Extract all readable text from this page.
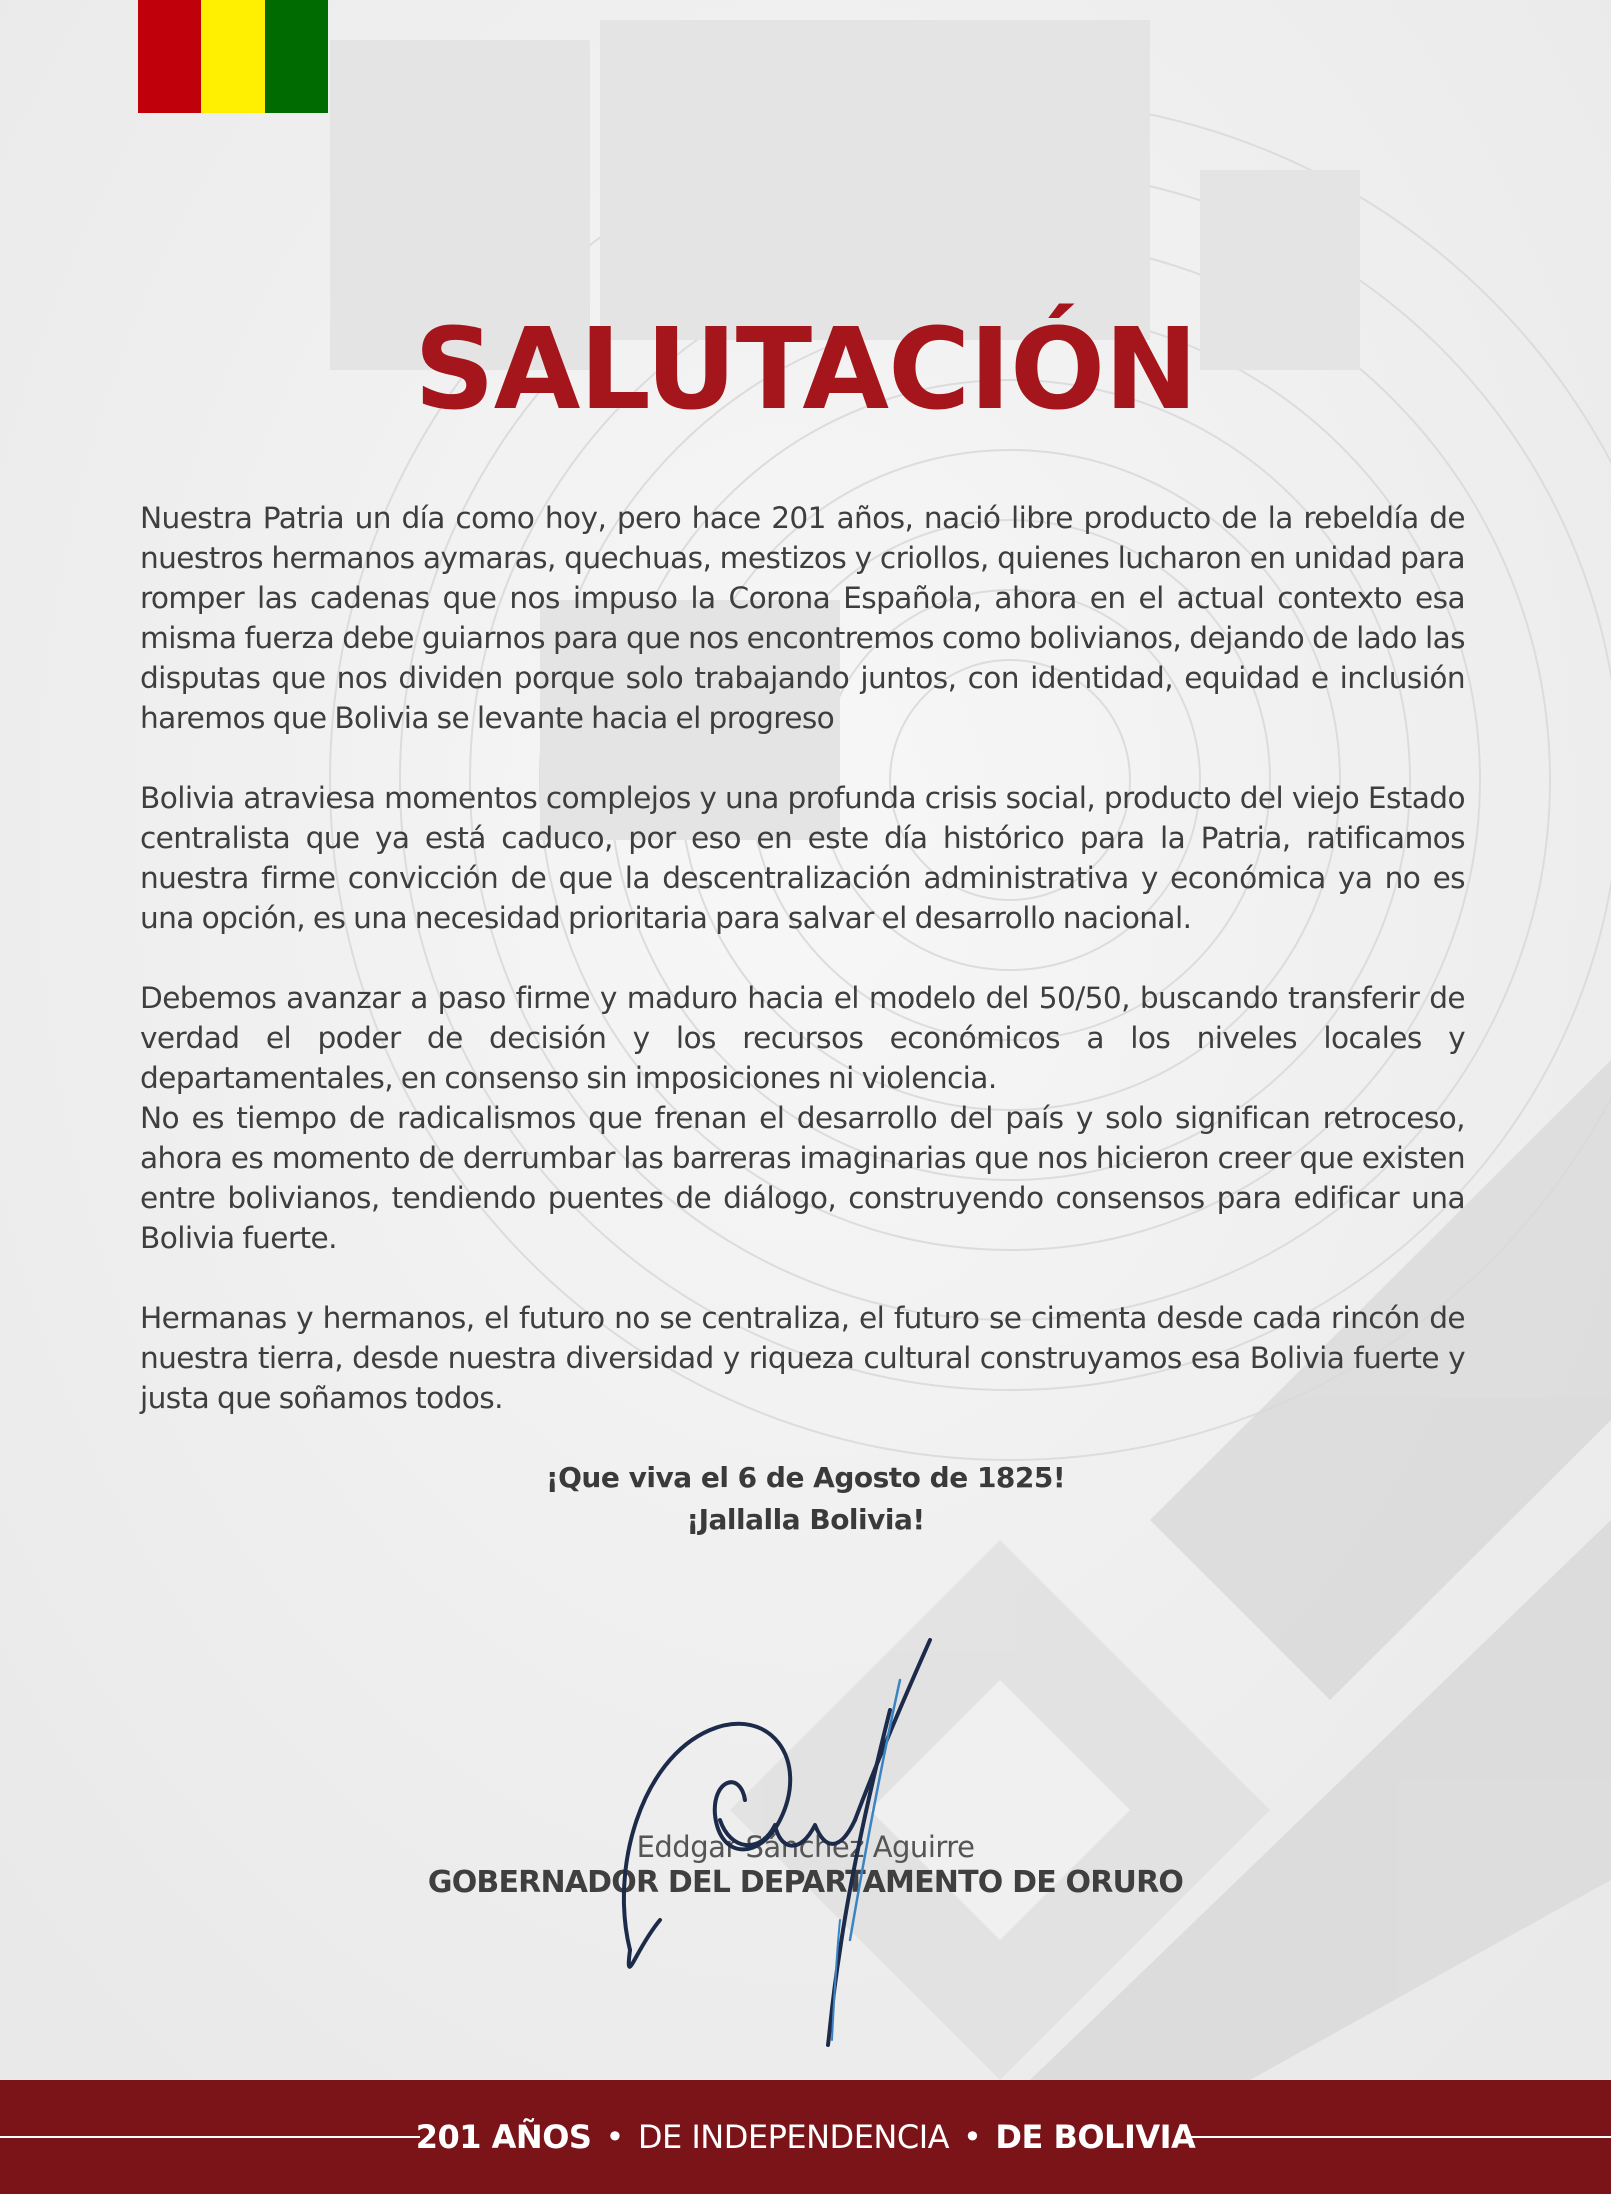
SALUTACIÓN

Nuestra Patria un día como hoy, pero hace 201 años, nació libre producto de la rebeldía de nuestros hermanos aymaras, quechuas, mestizos y criollos, quienes lucharon en unidad para romper las cadenas que nos impuso la Corona Española, ahora en el actual contexto esa misma fuerza debe guiarnos para que nos encontremos como bolivianos, dejando de lado las disputas que nos dividen porque solo trabajando juntos, con identidad, equidad e inclusión haremos que Bolivia se levante hacia el progreso

Bolivia atraviesa momentos complejos y una profunda crisis social, producto del viejo Estado centralista que ya está caduco, por eso en este día histórico para la Patria, ratificamos nuestra firme convicción de que la descentralización administrativa y económica ya no es una opción, es una necesidad prioritaria para salvar el desarrollo nacional.

Debemos avanzar a paso firme y maduro hacia el modelo del 50/50, buscando transferir de verdad el poder de decisión y los recursos económicos a los niveles locales y departamentales, en consenso sin imposiciones ni violencia.

No es tiempo de radicalismos que frenan el desarrollo del país y solo significan retroceso, ahora es momento de derrumbar las barreras imaginarias que nos hicieron creer que existen entre bolivianos, tendiendo puentes de diálogo, construyendo consensos para edificar una Bolivia fuerte.

Hermanas y hermanos, el futuro no se centraliza, el futuro se cimenta desde cada rincón de nuestra tierra, desde nuestra diversidad y riqueza cultural construyamos esa Bolivia fuerte y justa que soñamos todos.

¡Que viva el 6 de Agosto de 1825!
¡Jallalla Bolivia!
Eddgar Sánchez Aguirre
GOBERNADOR DEL DEPARTAMENTO DE ORURO
201 AÑOS • DE INDEPENDENCIA • DE BOLIVIA
